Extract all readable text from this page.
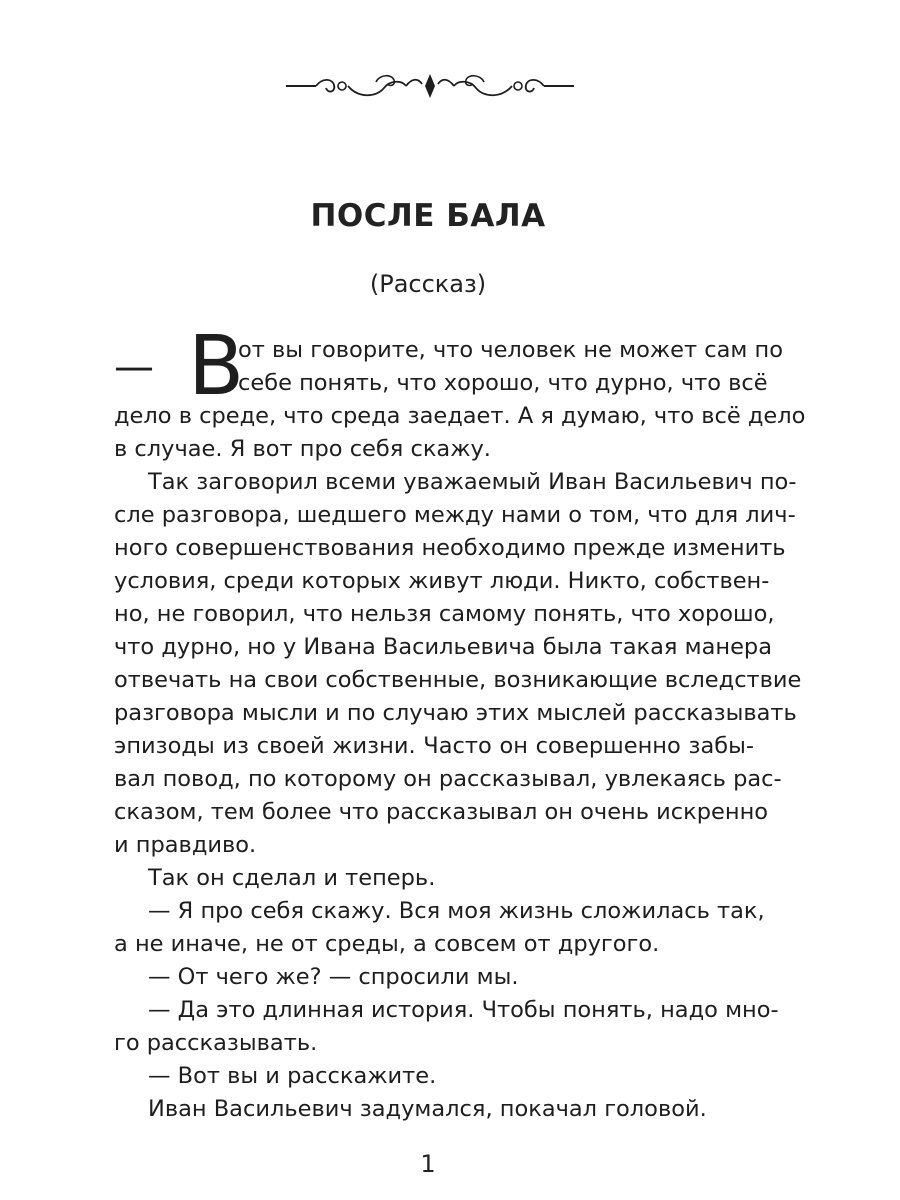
ПОСЛЕ БАЛА
(Рассказ)
— В
от вы говорите, что человек не может сам по
себе понять, что хорошо, что дурно, что всё
дело в среде, что среда заедает. А я думаю, что всё дело
в случае. Я вот про себя скажу.
Так заговорил всеми уважаемый Иван Васильевич по-
сле разговора, шедшего между нами о том, что для лич-
ного совершенствования необходимо прежде изменить
условия, среди которых живут люди. Никто, собствен-
но, не говорил, что нельзя самому понять, что хорошо,
что дурно, но у Ивана Васильевича была такая манера
отвечать на свои собственные, возникающие вследствие
разговора мысли и по случаю этих мыслей рассказывать
эпизоды из своей жизни. Часто он совершенно забы-
вал повод, по которому он рассказывал, увлекаясь рас-
сказом, тем более что рассказывал он очень искренно
и правдиво.
Так он сделал и теперь.
— Я про себя скажу. Вся моя жизнь сложилась так,
а не иначе, не от среды, а совсем от другого.
— От чего же? — спросили мы.
— Да это длинная история. Чтобы понять, надо мно-
го рассказывать.
— Вот вы и расскажите.
Иван Васильевич задумался, покачал головой.
1
